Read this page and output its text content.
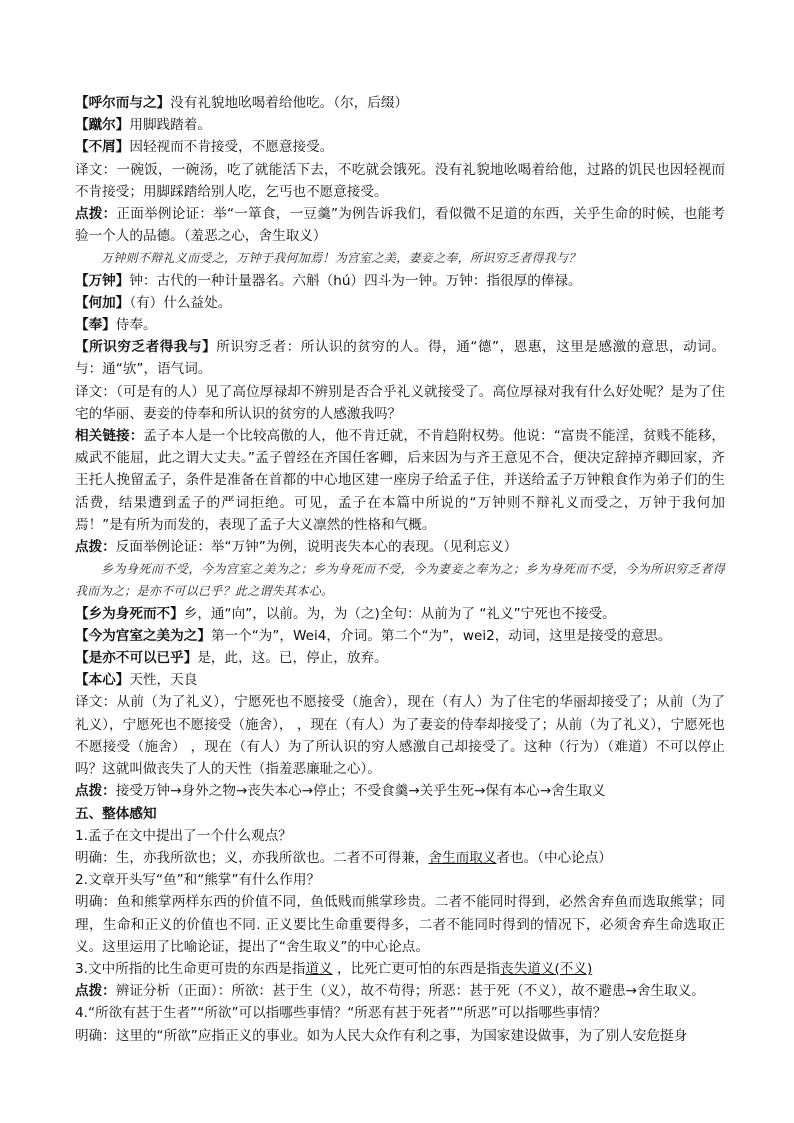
【呼尔而与之】没有礼貌地吆喝着给他吃。（尔，后缀）
【蹴尔】用脚践踏着。
【不屑】因轻视而不肯接受，不愿意接受。
译文：一碗饭，一碗汤，吃了就能活下去，不吃就会饿死。没有礼貌地吆喝着给他，过路的饥民也因轻视而不肯接受；用脚踩踏给别人吃，乞丐也不愿意接受。
点拨：正面举例论证：举“一箪食，一豆羹”为例告诉我们，看似微不足道的东西，关乎生命的时候，也能考验一个人的品德。（羞恶之心，舍生取义）
万钟则不辩礼义而受之，万钟于我何加焉！为宫室之美，妻妾之奉，所识穷乏者得我与？
【万钟】钟：古代的一种计量器名。六斛（hú）四斗为一钟。万钟：指很厚的俸禄。
【何加】（有）什么益处。
【奉】侍奉。
【所识穷乏者得我与】所识穷乏者：所认识的贫穷的人。得，通“德”，恩惠，这里是感激的意思，动词。与：通“欤”，语气词。
译文：（可是有的人）见了高位厚禄却不辨别是否合乎礼义就接受了。高位厚禄对我有什么好处呢？是为了住宅的华丽、妻妾的侍奉和所认识的贫穷的人感激我吗？
相关链接：孟子本人是一个比较高傲的人，他不肯迁就，不肯趋附权势。他说：“富贵不能淫，贫贱不能移，威武不能屈，此之谓大丈夫。”孟子曾经在齐国任客卿，后来因为与齐王意见不合，便决定辞掉齐卿回家，齐王托人挽留孟子，条件是准备在首都的中心地区建一座房子给孟子住，并送给孟子万钟粮食作为弟子们的生活费，结果遭到孟子的严词拒绝。可见，孟子在本篇中所说的“万钟则不辩礼义而受之，万钟于我何加焉！”是有所为而发的，表现了孟子大义凛然的性格和气概。
点拨：反面举例论证：举“万钟”为例，说明丧失本心的表现。（见利忘义）
乡为身死而不受，今为宫室之美为之；乡为身死而不受，今为妻妾之奉为之；乡为身死而不受，今为所识穷乏者得我而为之；是亦不可以已乎？此之谓失其本心。
【乡为身死而不】乡，通“向”，以前。为，为（之)全句：从前为了 “礼义”宁死也不接受。
【今为宫室之美为之】第一个“为”，Wei4，介词。第二个“为”，wei2，动词，这里是接受的意思。
【是亦不可以已乎】是，此，这。已，停止，放弃。
【本心】天性，天良
译文：从前（为了礼义），宁愿死也不愿接受（施舍），现在（有人）为了住宅的华丽却接受了；从前（为了礼义），宁愿死也不愿接受（施舍）， ，现在（有人）为了妻妾的侍奉却接受了；从前（为了礼义），宁愿死也不愿接受（施舍） ，现在（有人）为了所认识的穷人感激自己却接受了。这种（行为）（难道）不可以停止吗？这就叫做丧失了人的天性（指羞恶廉耻之心）。
点拨：接受万钟→身外之物→丧失本心→停止；不受食羹→关乎生死→保有本心→舍生取义
五、整体感知
1.孟子在文中提出了一个什么观点？
明确：生，亦我所欲也；义，亦我所欲也。二者不可得兼，舍生而取义者也。（中心论点）
2.文章开头写“鱼”和“熊掌”有什么作用？
明确：鱼和熊掌两样东西的价值不同，鱼低贱而熊掌珍贵。二者不能同时得到，必然舍弃鱼而选取熊掌；同理，生命和正义的价值也不同. 正义要比生命重要得多，二者不能同时得到的情况下，必须舍弃生命选取正义。这里运用了比喻论证，提出了“舍生取义”的中心论点。
3.文中所指的比生命更可贵的东西是指道义 ，比死亡更可怕的东西是指丧失道义(不义)
点拨：辨证分析（正面）：所欲：甚于生（义），故不苟得；所恶：甚于死（不义），故不避患→舍生取义。
4.“所欲有甚于生者”“所欲”可以指哪些事情？“所恶有甚于死者”“所恶”可以指哪些事情？
明确：这里的“所欲”应指正义的事业。如为人民大众作有利之事，为国家建设做事，为了别人安危挺身
